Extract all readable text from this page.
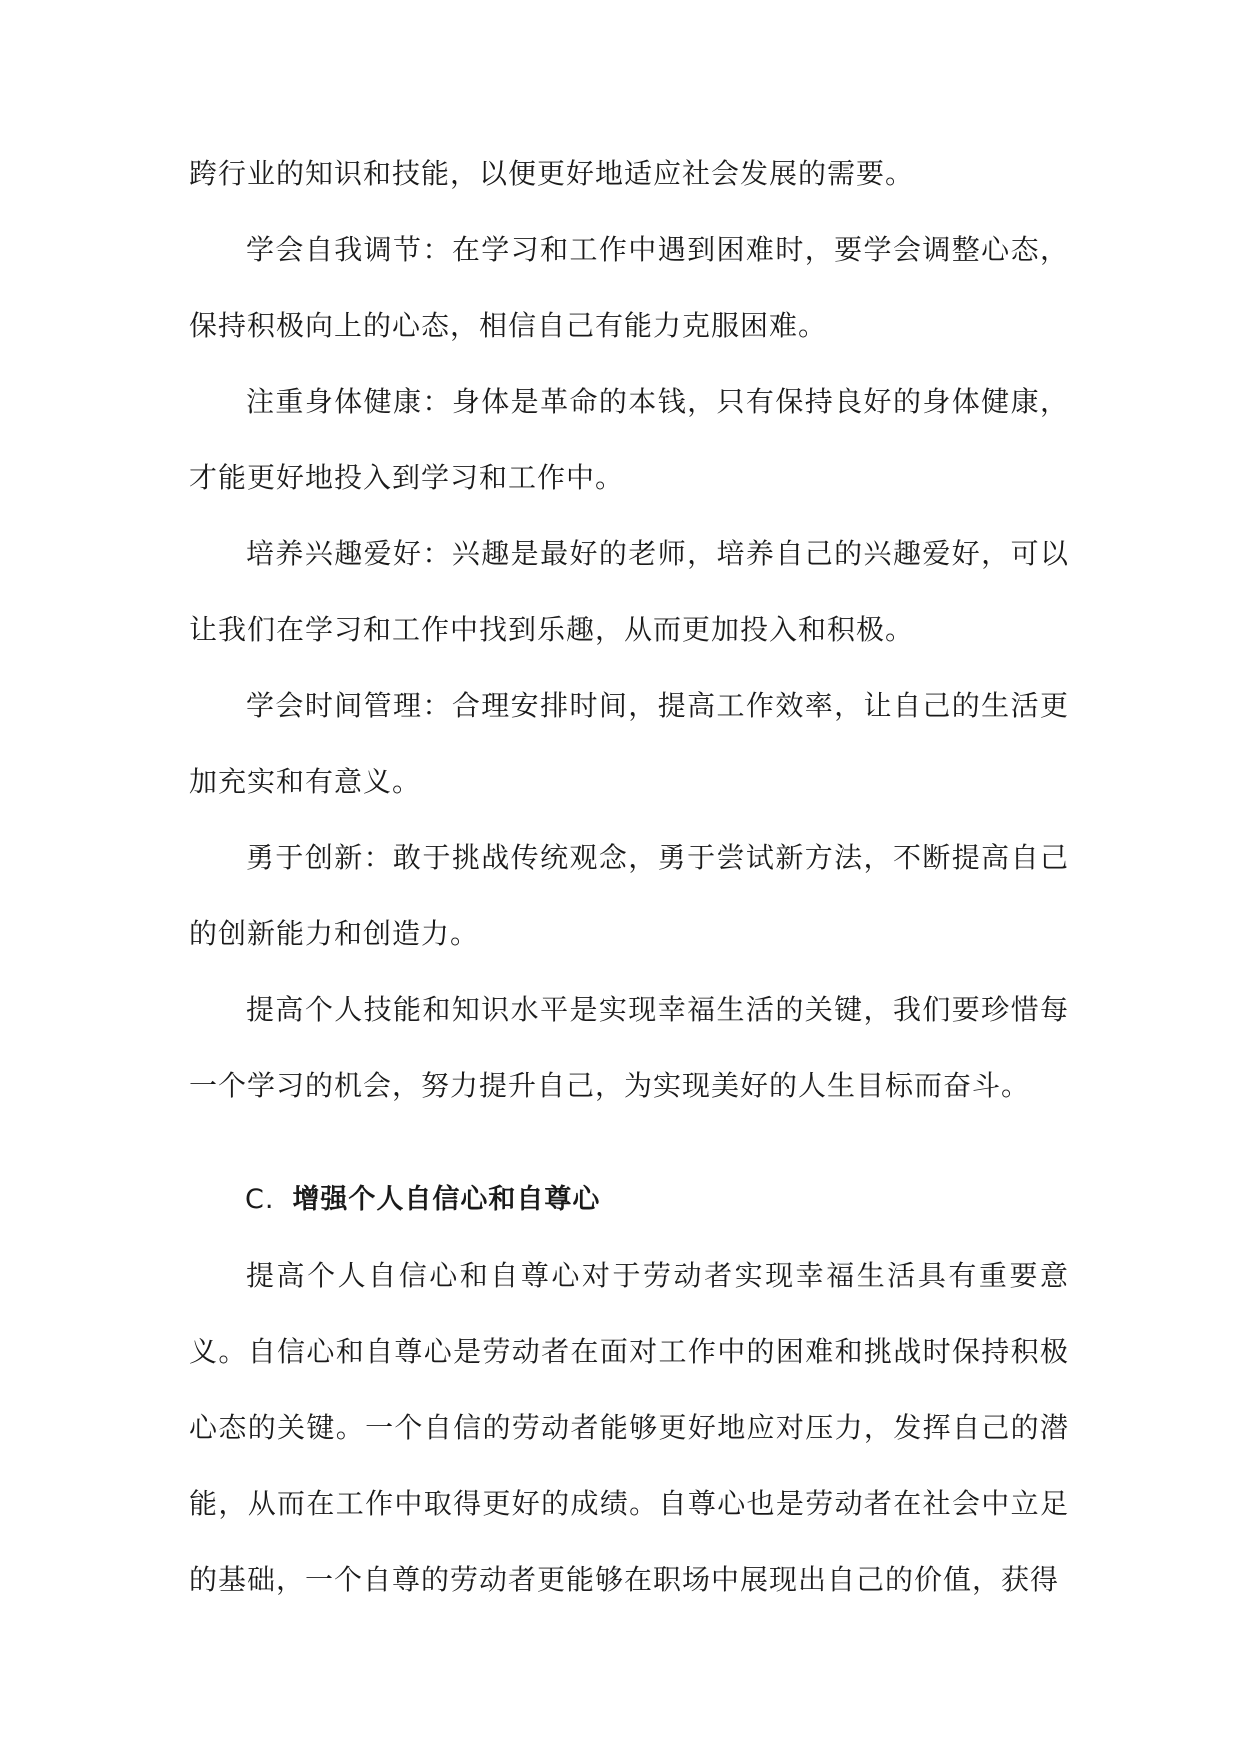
跨行业的知识和技能，以便更好地适应社会发展的需要。

学会自我调节：在学习和工作中遇到困难时，要学会调整心态，保持积极向上的心态，相信自己有能力克服困难。

注重身体健康：身体是革命的本钱，只有保持良好的身体健康，才能更好地投入到学习和工作中。

培养兴趣爱好：兴趣是最好的老师，培养自己的兴趣爱好，可以让我们在学习和工作中找到乐趣，从而更加投入和积极。

学会时间管理：合理安排时间，提高工作效率，让自己的生活更加充实和有意义。

勇于创新：敢于挑战传统观念，勇于尝试新方法，不断提高自己的创新能力和创造力。

提高个人技能和知识水平是实现幸福生活的关键，我们要珍惜每一个学习的机会，努力提升自己，为实现美好的人生目标而奋斗。

C. 增强个人自信心和自尊心

提高个人自信心和自尊心对于劳动者实现幸福生活具有重要意义。自信心和自尊心是劳动者在面对工作中的困难和挑战时保持积极心态的关键。一个自信的劳动者能够更好地应对压力，发挥自己的潜能，从而在工作中取得更好的成绩。自尊心也是劳动者在社会中立足的基础，一个自尊的劳动者更能够在职场中展现出自己的价值，获得
